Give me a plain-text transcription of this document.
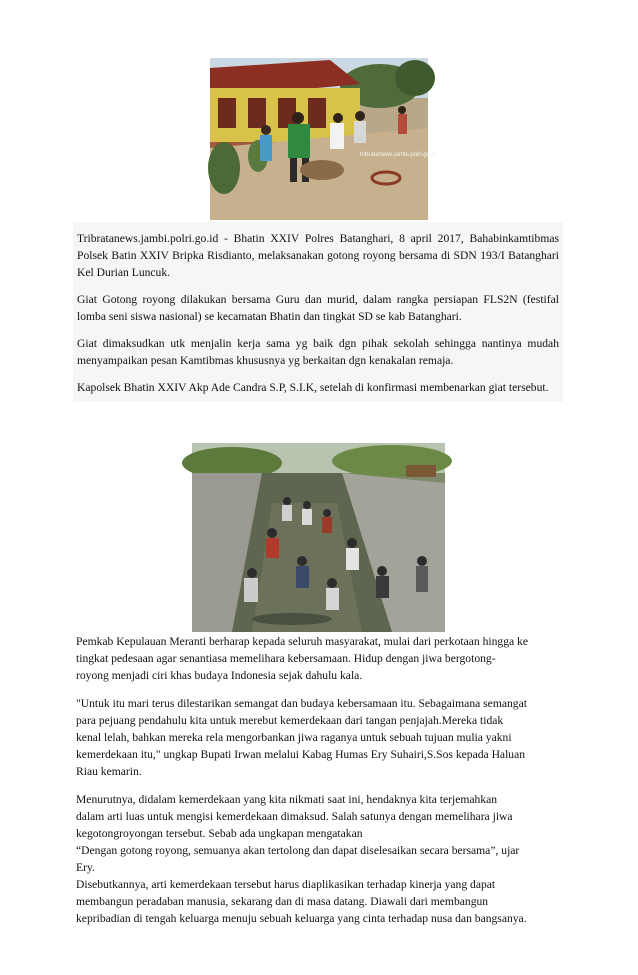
tribratanews.jambi.polri.go.id

Tribratanews.jambi.polri.go.id - Bhatin XXIV Polres Batanghari, 8 april 2017, Bahabinkamtibmas Polsek Batin XXIV Bripka Risdianto, melaksanakan gotong royong bersama di SDN 193/I Batanghari Kel Durian Luncuk.

Giat Gotong royong dilakukan bersama Guru dan murid, dalam rangka persiapan FLS2N (festifal lomba seni siswa nasional) se kecamatan Bhatin dan tingkat SD se kab Batanghari.

Giat dimaksudkan utk menjalin kerja sama yg baik dgn pihak sekolah sehingga nantinya mudah menyampaikan pesan Kamtibmas khususnya yg berkaitan dgn kenakalan remaja.

Kapolsek Bhatin XXIV Akp Ade Candra S.P, S.I.K, setelah di konfirmasi membenarkan giat tersebut.

Pemkab Kepulauan Meranti berharap kepada seluruh masyarakat, mulai dari perkotaan hingga ke
tingkat pedesaan agar senantiasa memelihara kebersamaan. Hidup dengan jiwa bergotong-
royong menjadi ciri khas budaya Indonesia sejak dahulu kala.

"Untuk itu mari terus dilestarikan semangat dan budaya kebersamaan itu. Sebagaimana semangat
para pejuang pendahulu kita untuk merebut kemerdekaan dari tangan penjajah.Mereka tidak
kenal lelah, bahkan mereka rela mengorbankan jiwa raganya untuk sebuah tujuan mulia yakni
kemerdekaan itu," ungkap Bupati Irwan melalui Kabag Humas Ery Suhairi,S.Sos kepada Haluan
Riau kemarin.

Menurutnya, didalam kemerdekaan yang kita nikmati saat ini, hendaknya kita terjemahkan
dalam arti luas untuk mengisi kemerdekaan dimaksud. Salah satunya dengan memelihara jiwa
kegotongroyongan tersebut. Sebab ada ungkapan mengatakan
“Dengan gotong royong, semuanya akan tertolong dan dapat diselesaikan secara bersama”, ujar
Ery.
Disebutkannya, arti kemerdekaan tersebut harus diaplikasikan terhadap kinerja yang dapat
membangun peradaban manusia, sekarang dan di masa datang. Diawali dari membangun
kepribadian di tengah keluarga menuju sebuah keluarga yang cinta terhadap nusa dan bangsanya.
